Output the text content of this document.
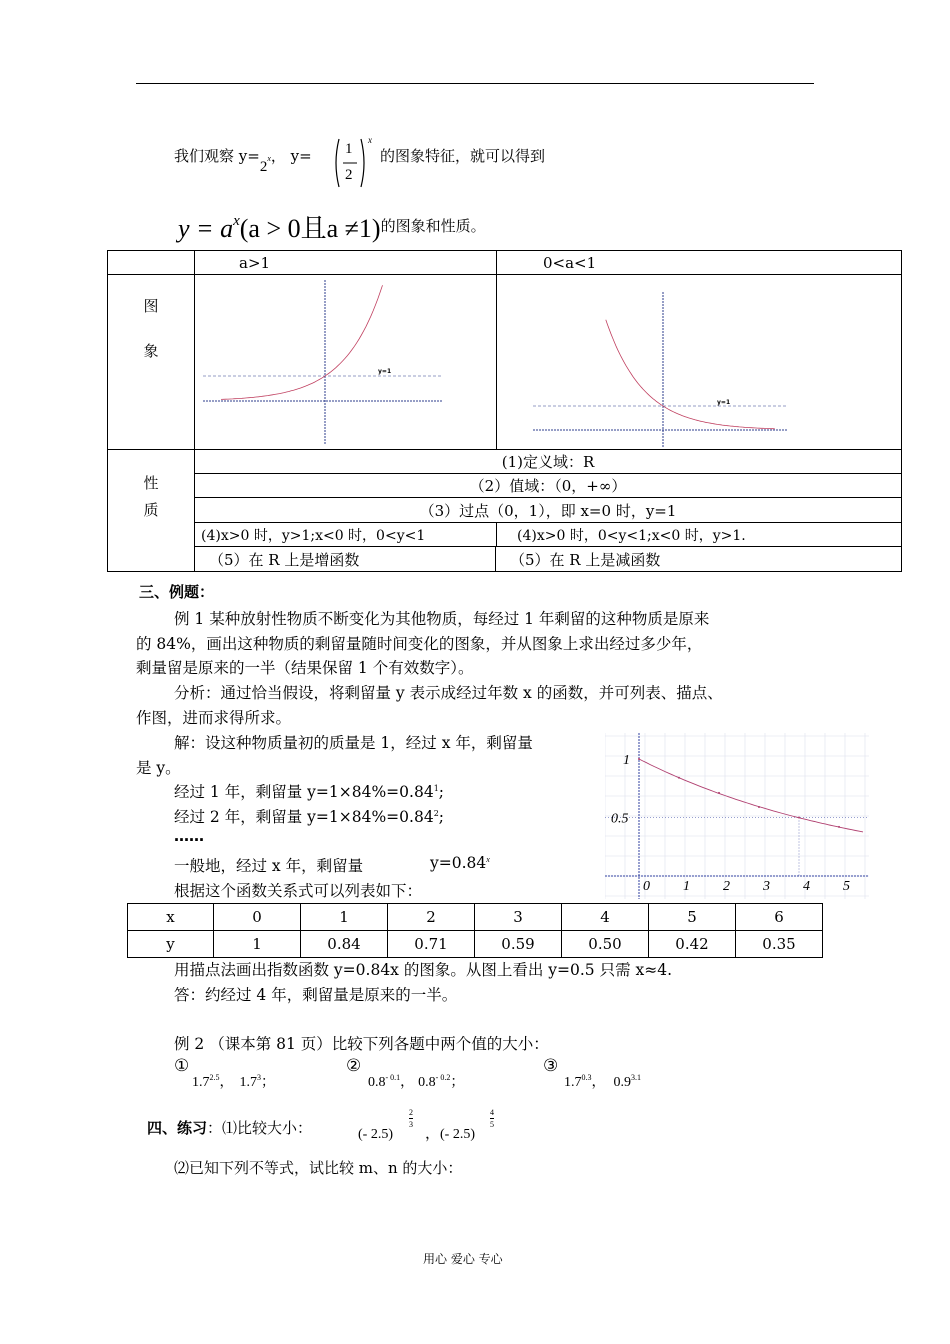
我们观察 y=2x， y= 1
2
x
的图象特征，就可以得到
$y = a^x(a > 0$且a ≠1)的图象和性质。
	a>1	0<a<1

图
象	y=1	y=1

性
质	(1)定义域：R	
	（2）值域：（0，+∞）	
	（3）过点（0，1），即 x=0 时，y=1	
	(4)x>0 时，y>1;x<0 时，0<y<1	(4)x>0 时，0<y<1;x<0 时，y>1.
	（5）在 R 上是增函数	（5）在 R 上是减函数
三、例题：
例 1 某种放射性物质不断变化为其他物质，每经过 1 年剩留的这种物质是原来
的 84%，画出这种物质的剩留量随时间变化的图象，并从图象上求出经过多少年，
剩量留是原来的一半（结果保留 1 个有效数字）。
分析：通过恰当假设，将剩留量 y 表示成经过年数 x 的函数，并可列表、描点、
作图，进而求得所求。
解：设这种物质量初的质量是 1，经过 x 年，剩留量
是 y。
经过 1 年，剩留量 $y=1\times 84\%=0.84^1$;
经过 2 年，剩留量 $y=1\times 84\%=0.84^2$;
……
一般地，经过 x 年，剩留量	$y=0.84^x$
根据这个函数关系式可以列表如下：
1
0.5
0 1 2 3 4 5
x	0	1	2	3	4	5	6
y	1	0.84	0.71	0.59	0.50	0.42	0.35
用描点法画出指数函数 y=0.84x 的图象。从图上看出 y=0.5 只需 x≈4.
答：约经过 4 年，剩留量是原来的一半。
例 2 （课本第 81 页）比较下列各题中两个值的大小：
①
$1.7^{2.5}$， $1.7^3$；
②
$0.8^{- 0.1}$， $0.8^{- 0.2}$；
③
$1.7^{0.3}$， $0.9^{3.1}$
四、练习：⑴比较大小：	(- 2.5)
$\frac{2}{3}$
， (- 2.5)
$\frac{4}{5}$
⑵已知下列不等式，试比较 m、n 的大小：
用心 爱心 专心
